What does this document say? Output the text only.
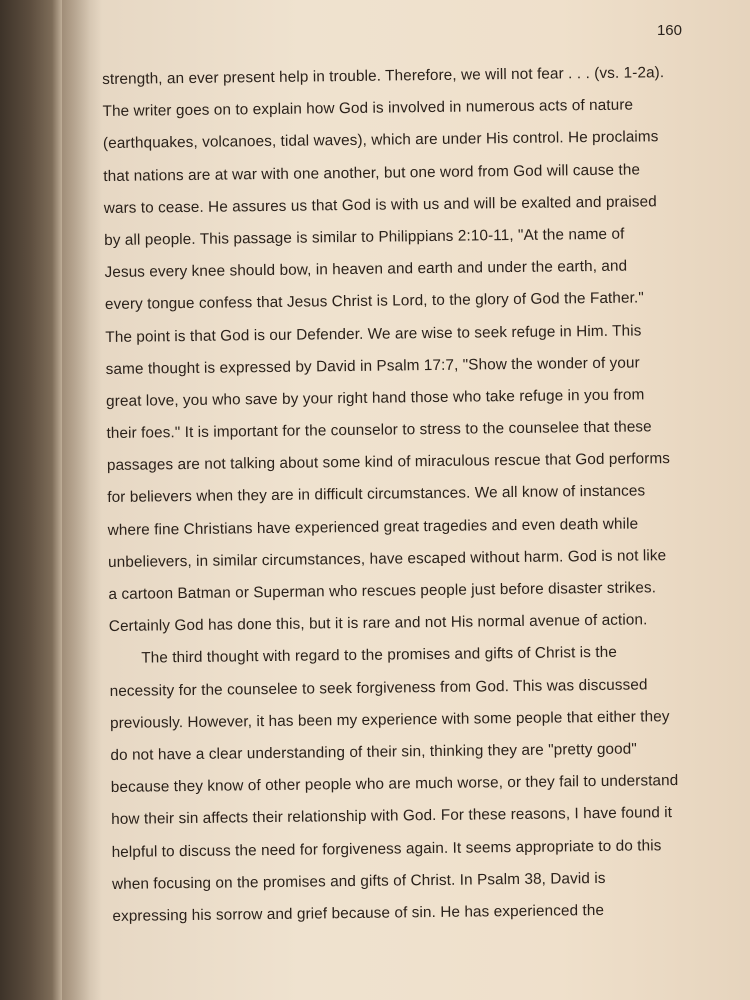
160
strength, an ever present help in trouble. Therefore, we will not fear . . . (vs. 1-2a).
The writer goes on to explain how God is involved in numerous acts of nature
(earthquakes, volcanoes, tidal waves), which are under His control. He proclaims
that nations are at war with one another, but one word from God will cause the
wars to cease. He assures us that God is with us and will be exalted and praised
by all people. This passage is similar to Philippians 2:10-11, "At the name of
Jesus every knee should bow, in heaven and earth and under the earth, and
every tongue confess that Jesus Christ is Lord, to the glory of God the Father."
The point is that God is our Defender. We are wise to seek refuge in Him. This
same thought is expressed by David in Psalm 17:7, "Show the wonder of your
great love, you who save by your right hand those who take refuge in you from
their foes." It is important for the counselor to stress to the counselee that these
passages are not talking about some kind of miraculous rescue that God performs
for believers when they are in difficult circumstances. We all know of instances
where fine Christians have experienced great tragedies and even death while
unbelievers, in similar circumstances, have escaped without harm. God is not like
a cartoon Batman or Superman who rescues people just before disaster strikes.
Certainly God has done this, but it is rare and not His normal avenue of action.
The third thought with regard to the promises and gifts of Christ is the
necessity for the counselee to seek forgiveness from God. This was discussed
previously. However, it has been my experience with some people that either they
do not have a clear understanding of their sin, thinking they are "pretty good"
because they know of other people who are much worse, or they fail to understand
how their sin affects their relationship with God. For these reasons, I have found it
helpful to discuss the need for forgiveness again. It seems appropriate to do this
when focusing on the promises and gifts of Christ. In Psalm 38, David is
expressing his sorrow and grief because of sin. He has experienced the
